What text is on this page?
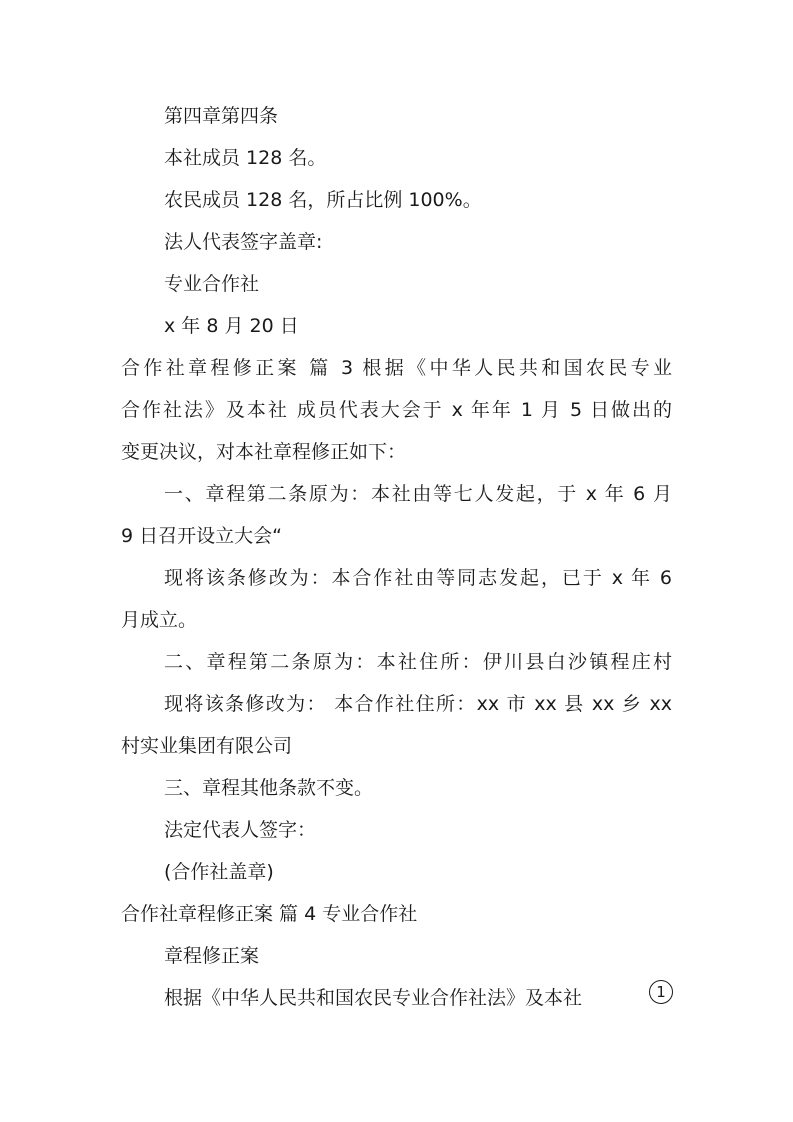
第四章第四条

本社成员 128 名。

农民成员 128 名，所占比例 100%。

法人代表签字盖章:

专业合作社

x 年 8 月 20 日

合作社章程修正案 篇 3 根据《中华人民共和国农民专业

合作社法》及本社 成员代表大会于 x 年年 1 月 5 日做出的

变更决议，对本社章程修正如下：

一、章程第二条原为：本社由等七人发起，于 x 年 6 月

9 日召开设立大会“

现将该条修改为：本合作社由等同志发起，已于 x 年 6

月成立。

二、章程第二条原为：本社住所：伊川县白沙镇程庄村

现将该条修改为： 本合作社住所：xx 市 xx 县 xx 乡 xx

村实业集团有限公司

三、章程其他条款不变。

法定代表人签字：

(合作社盖章)

合作社章程修正案 篇 4 专业合作社

章程修正案

根据《中华人民共和国农民专业合作社法》及本社	1
